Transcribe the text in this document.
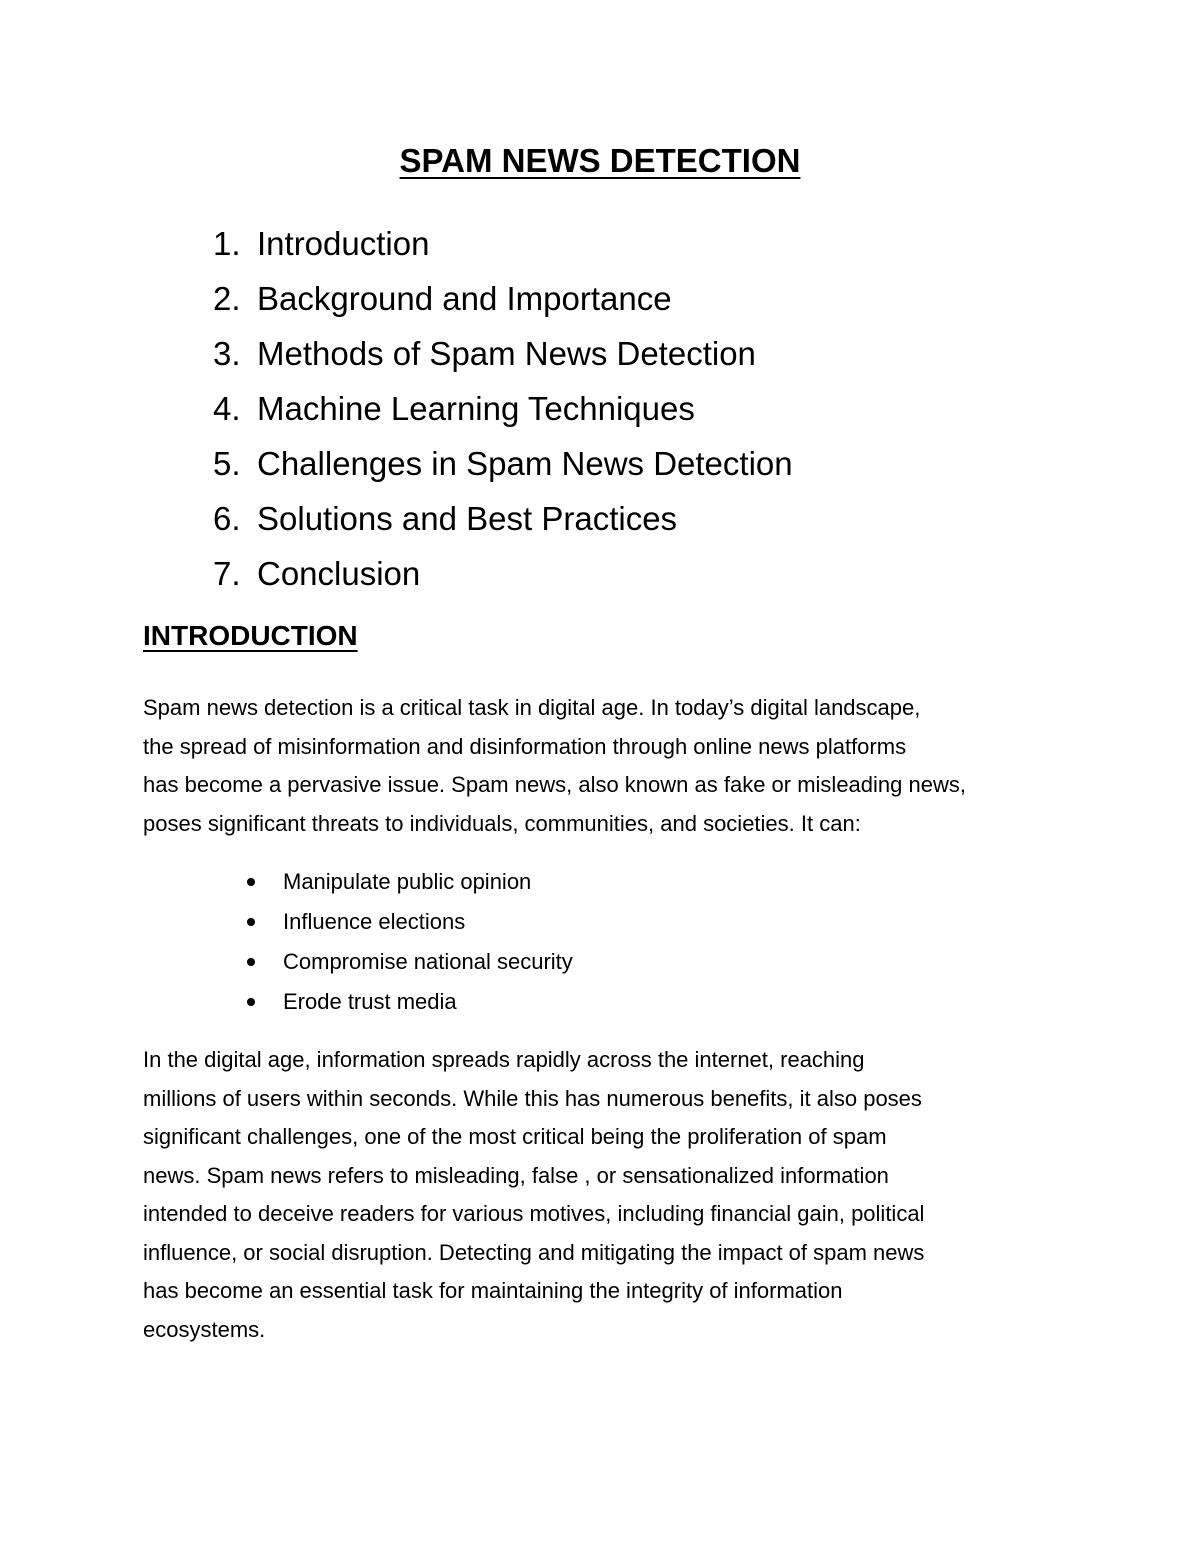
SPAM NEWS DETECTION
1. Introduction
2. Background and Importance
3. Methods of Spam News Detection
4. Machine Learning Techniques
5. Challenges in Spam News Detection
6. Solutions and Best Practices
7. Conclusion
INTRODUCTION

Spam news detection is a critical task in digital age. In today’s digital landscape,
the spread of misinformation and disinformation through online news platforms
has become a pervasive issue. Spam news, also known as fake or misleading news,
poses significant threats to individuals, communities, and societies. It can:

Manipulate public opinion
Influence elections
Compromise national security
Erode trust media

In the digital age, information spreads rapidly across the internet, reaching
millions of users within seconds. While this has numerous benefits, it also poses
significant challenges, one of the most critical being the proliferation of spam
news. Spam news refers to misleading, false , or sensationalized information
intended to deceive readers for various motives, including financial gain, political
influence, or social disruption. Detecting and mitigating the impact of spam news
has become an essential task for maintaining the integrity of information
ecosystems.
